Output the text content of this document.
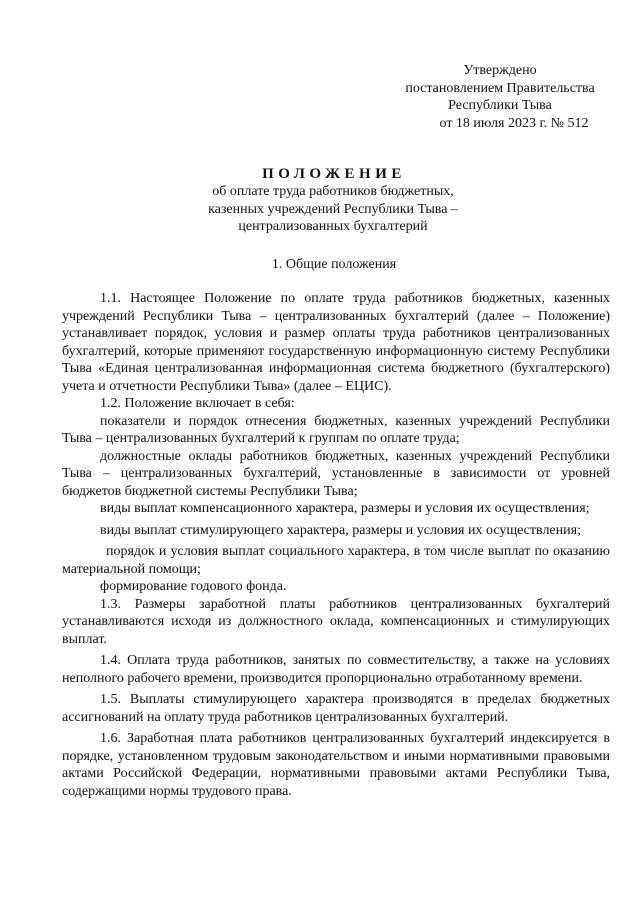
Утверждено
постановлением Правительства
Республики Тыва
от 18 июля 2023 г. № 512
ПОЛОЖЕНИЕ
об оплате труда работников бюджетных,
казенных учреждений Республики Тыва –
централизованных бухгалтерий
1. Общие положения

1.1. Настоящее Положение по оплате труда работников бюджетных, казенных учреждений Республики Тыва – централизованных бухгалтерий (далее – Положение) устанавливает порядок, условия и размер оплаты труда работников централизованных бухгалтерий, которые применяют государственную информационную систему Республики Тыва «Единая централизованная информационная система бюджетного (бухгалтерского) учета и отчетности Республики Тыва» (далее – ЕЦИС).

1.2. Положение включает в себя:

показатели и порядок отнесения бюджетных, казенных учреждений Республики Тыва – централизованных бухгалтерий к группам по оплате труда;

должностные оклады работников бюджетных, казенных учреждений Республики Тыва – централизованных бухгалтерий, установленные в зависимости от уровней бюджетов бюджетной системы Республики Тыва;

виды выплат компенсационного характера, размеры и условия их осуществления;

виды выплат стимулирующего характера, размеры и условия их осуществления;

порядок и условия выплат социального характера, в том числе выплат по оказанию материальной помощи;

формирование годового фонда.

1.3. Размеры заработной платы работников централизованных бухгалтерий устанавливаются исходя из должностного оклада, компенсационных и стимулирующих выплат.

1.4. Оплата труда работников, занятых по совместительству, а также на условиях неполного рабочего времени, производится пропорционально отработанному времени.

1.5. Выплаты стимулирующего характера производятся в пределах бюджетных ассигнований на оплату труда работников централизованных бухгалтерий.

1.6. Заработная плата работников централизованных бухгалтерий индексируется в порядке, установленном трудовым законодательством и иными нормативными правовыми актами Российской Федерации, нормативными правовыми актами Республики Тыва, содержащими нормы трудового права.
